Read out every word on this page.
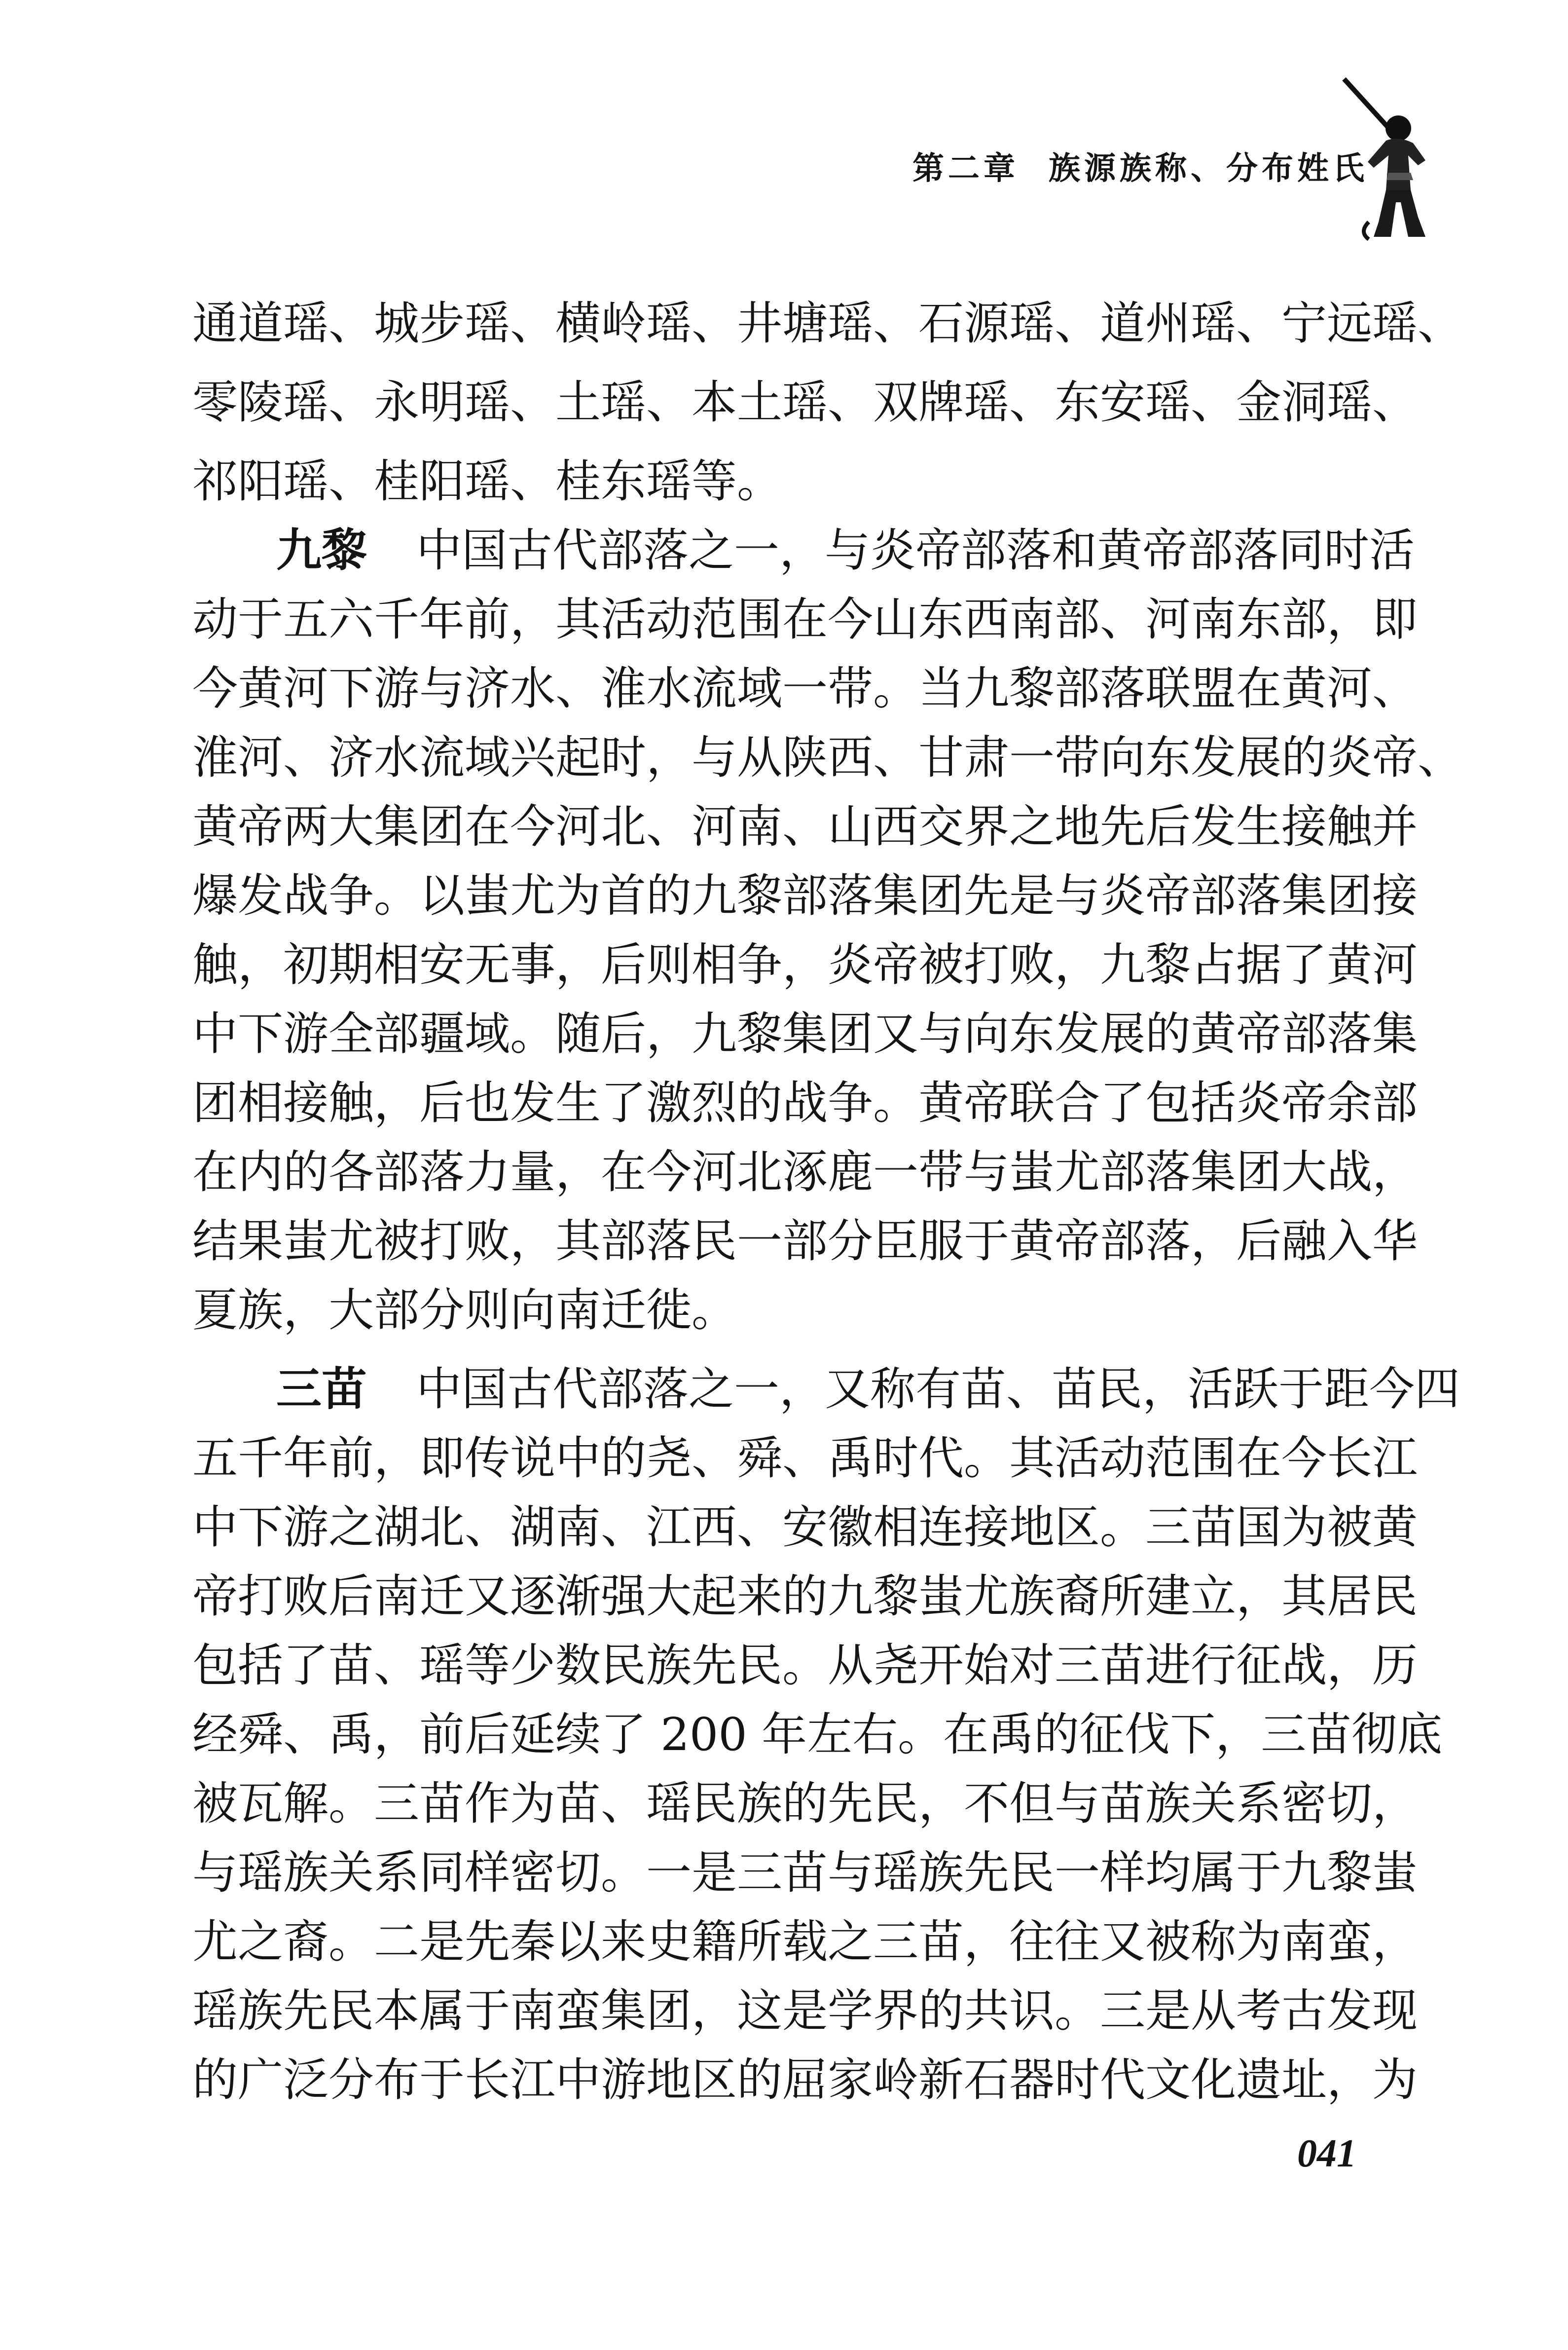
第二章 族源族称、分布姓氏
通道瑶、城步瑶、横岭瑶、井塘瑶、石源瑶、道州瑶、宁远瑶、
零陵瑶、永明瑶、土瑶、本土瑶、双牌瑶、东安瑶、金洞瑶、
祁阳瑶、桂阳瑶、桂东瑶等。
九黎 中国古代部落之一，与炎帝部落和黄帝部落同时活
动于五六千年前，其活动范围在今山东西南部、河南东部，即
今黄河下游与济水、淮水流域一带。当九黎部落联盟在黄河、
淮河、济水流域兴起时，与从陕西、甘肃一带向东发展的炎帝、
黄帝两大集团在今河北、河南、山西交界之地先后发生接触并
爆发战争。以蚩尤为首的九黎部落集团先是与炎帝部落集团接
触，初期相安无事，后则相争，炎帝被打败，九黎占据了黄河
中下游全部疆域。随后，九黎集团又与向东发展的黄帝部落集
团相接触，后也发生了激烈的战争。黄帝联合了包括炎帝余部
在内的各部落力量，在今河北涿鹿一带与蚩尤部落集团大战，
结果蚩尤被打败，其部落民一部分臣服于黄帝部落，后融入华
夏族，大部分则向南迁徙。
三苗 中国古代部落之一，又称有苗、苗民，活跃于距今四
五千年前，即传说中的尧、舜、禹时代。其活动范围在今长江
中下游之湖北、湖南、江西、安徽相连接地区。三苗国为被黄
帝打败后南迁又逐渐强大起来的九黎蚩尤族裔所建立，其居民
包括了苗、瑶等少数民族先民。从尧开始对三苗进行征战，历
经舜、禹，前后延续了 200 年左右。在禹的征伐下，三苗彻底
被瓦解。三苗作为苗、瑶民族的先民，不但与苗族关系密切，
与瑶族关系同样密切。一是三苗与瑶族先民一样均属于九黎蚩
尤之裔。二是先秦以来史籍所载之三苗，往往又被称为南蛮，
瑶族先民本属于南蛮集团，这是学界的共识。三是从考古发现
的广泛分布于长江中游地区的屈家岭新石器时代文化遗址，为
041
